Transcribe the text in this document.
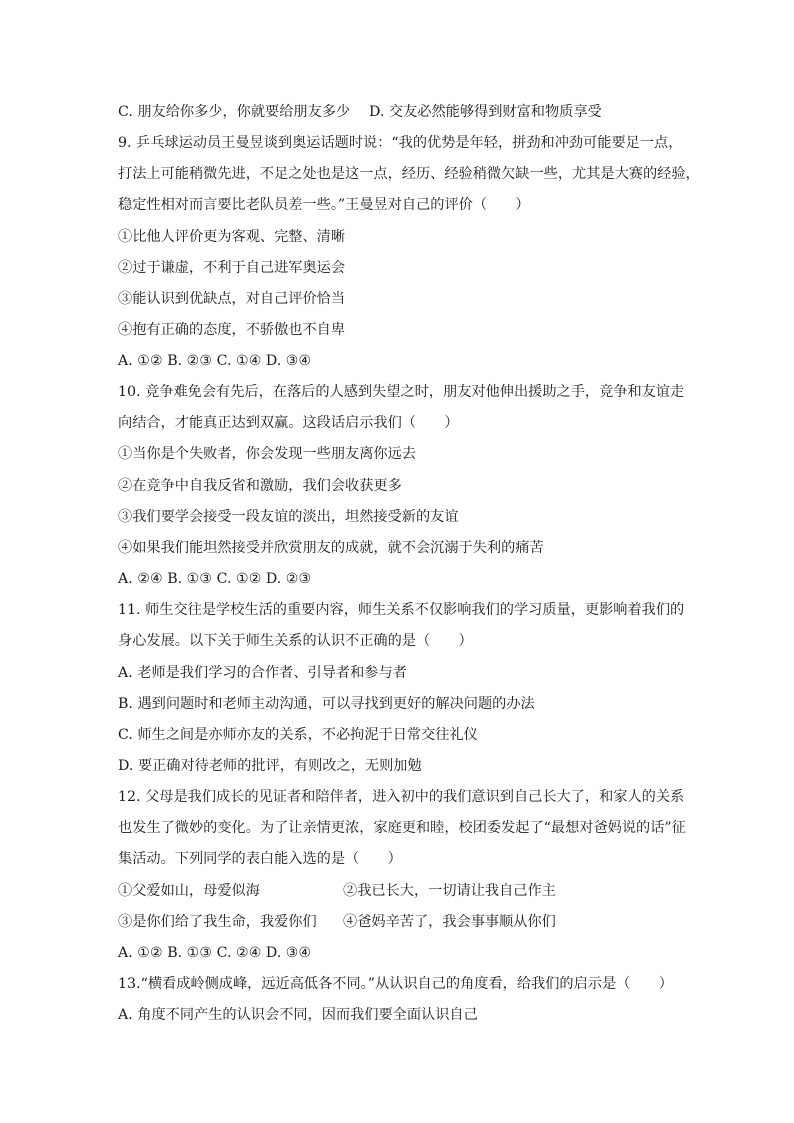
C. 朋友给你多少，你就要给朋友多少 D. 交友必然能够得到财富和物质享受
9. 乒乓球运动员王曼昱谈到奥运话题时说：“我的优势是年轻，拼劲和冲劲可能要足一点，
打法上可能稍微先进，不足之处也是这一点，经历、经验稍微欠缺一些，尤其是大赛的经验，
稳定性相对而言要比老队员差一些。”王曼昱对自己的评价（　　）
①比他人评价更为客观、完整、清晰
②过于谦虚，不利于自己进军奥运会
③能认识到优缺点，对自己评价恰当
④抱有正确的态度，不骄傲也不自卑
A. ①② B. ②③ C. ①④ D. ③④
10. 竞争难免会有先后，在落后的人感到失望之时，朋友对他伸出援助之手，竞争和友谊走
向结合，才能真正达到双赢。这段话启示我们（　　）
①当你是个失败者，你会发现一些朋友离你远去
②在竞争中自我反省和激励，我们会收获更多
③我们要学会接受一段友谊的淡出，坦然接受新的友谊
④如果我们能坦然接受并欣赏朋友的成就，就不会沉溺于失利的痛苦
A. ②④ B. ①③ C. ①② D. ②③
11. 师生交往是学校生活的重要内容，师生关系不仅影响我们的学习质量，更影响着我们的
身心发展。以下关于师生关系的认识不正确的是（　　）
A. 老师是我们学习的合作者、引导者和参与者
B. 遇到问题时和老师主动沟通，可以寻找到更好的解决问题的办法
C. 师生之间是亦师亦友的关系，不必拘泥于日常交往礼仪
D. 要正确对待老师的批评，有则改之，无则加勉
12. 父母是我们成长的见证者和陪伴者，进入初中的我们意识到自己长大了，和家人的关系
也发生了微妙的变化。为了让亲情更浓，家庭更和睦，校团委发起了“最想对爸妈说的话”征
集活动。下列同学的表白能入选的是（　　）
①父爱如山，母爱似海	②我已长大，一切请让我自己作主
③是你们给了我生命，我爱你们 ④爸妈辛苦了，我会事事顺从你们
A. ①② B. ①③ C. ②④ D. ③④
13.“横看成岭侧成峰，远近高低各不同。”从认识自己的角度看，给我们的启示是（　　）
A. 角度不同产生的认识会不同，因而我们要全面认识自己
